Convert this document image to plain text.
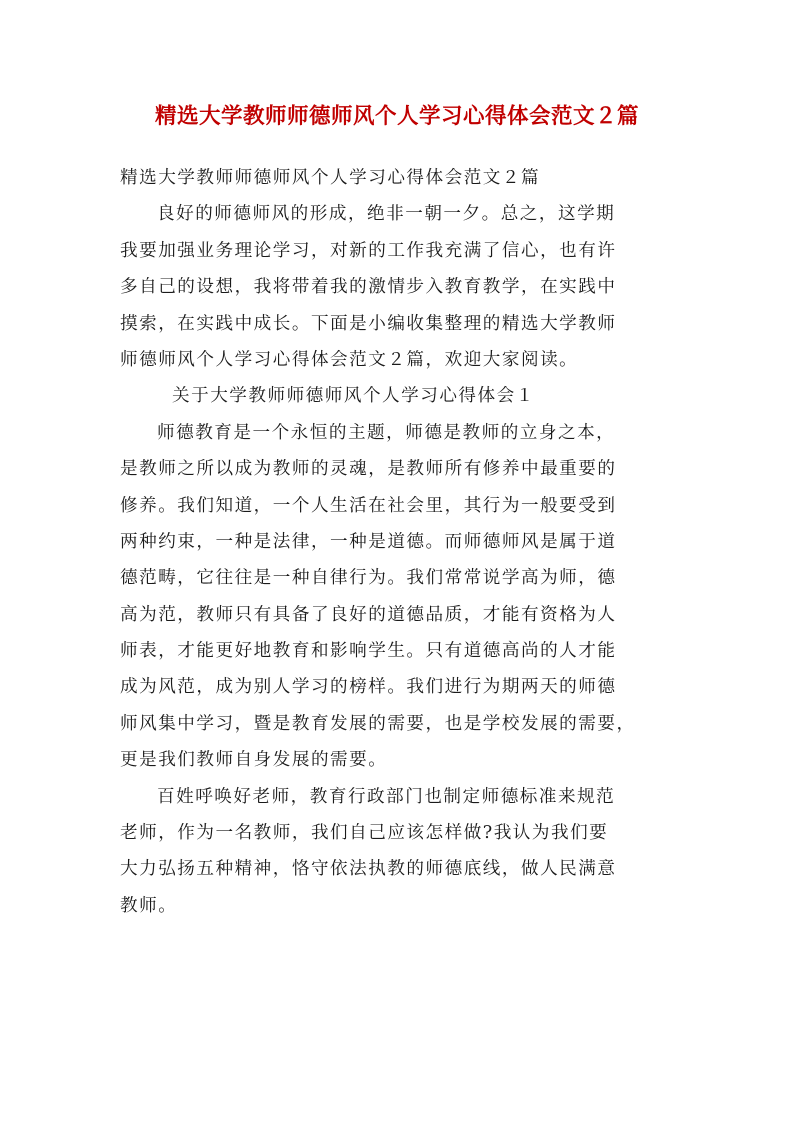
精选大学教师师德师风个人学习心得体会范文２篇

精选大学教师师德师风个人学习心得体会范文２篇

良好的师德师风的形成，绝非一朝一夕。总之，这学期

我要加强业务理论学习，对新的工作我充满了信心，也有许

多自己的设想，我将带着我的激情步入教育教学，在实践中

摸索，在实践中成长。下面是小编收集整理的精选大学教师

师德师风个人学习心得体会范文２篇，欢迎大家阅读。

关于大学教师师德师风个人学习心得体会１

师德教育是一个永恒的主题，师德是教师的立身之本，

是教师之所以成为教师的灵魂，是教师所有修养中最重要的

修养。我们知道，一个人生活在社会里，其行为一般要受到

两种约束，一种是法律，一种是道德。而师德师风是属于道

德范畴，它往往是一种自律行为。我们常常说学高为师，德

高为范，教师只有具备了良好的道德品质，才能有资格为人

师表，才能更好地教育和影响学生。只有道德高尚的人才能

成为风范，成为别人学习的榜样。我们进行为期两天的师德

师风集中学习，暨是教育发展的需要，也是学校发展的需要，

更是我们教师自身发展的需要。

百姓呼唤好老师，教育行政部门也制定师德标准来规范

老师，作为一名教师，我们自己应该怎样做?我认为我们要

大力弘扬五种精神，恪守依法执教的师德底线，做人民满意

教师。
